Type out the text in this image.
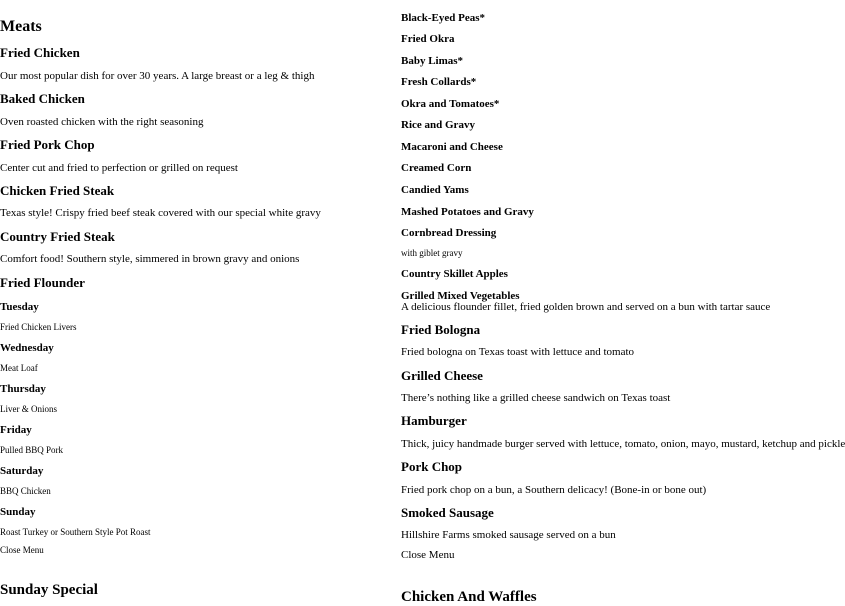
Meats
Fried Chicken
Our most popular dish for over 30 years. A large breast or a leg & thigh
Baked Chicken
Oven roasted chicken with the right seasoning
Fried Pork Chop
Center cut and fried to perfection or grilled on request
Chicken Fried Steak
Texas style! Crispy fried beef steak covered with our special white gravy
Country Fried Steak
Comfort food! Southern style, simmered in brown gravy and onions
Fried Flounder
Tuesday
Fried Chicken Livers
Wednesday
Meat Loaf
Thursday
Liver & Onions
Friday
Pulled BBQ Pork
Saturday
BBQ Chicken
Sunday
Roast Turkey or Southern Style Pot Roast
Close Menu
Sunday Special
Black-Eyed Peas*
Fried Okra
Baby Limas*
Fresh Collards*
Okra and Tomatoes*
Rice and Gravy
Macaroni and Cheese
Creamed Corn
Candied Yams
Mashed Potatoes and Gravy
Cornbread Dressing
with giblet gravy
Country Skillet Apples
Grilled Mixed Vegetables
A delicious flounder fillet, fried golden brown and served on a bun with tartar sauce
Fried Bologna
Fried bologna on Texas toast with lettuce and tomato
Grilled Cheese
There’s nothing like a grilled cheese sandwich on Texas toast
Hamburger
Thick, juicy handmade burger served with lettuce, tomato, onion, mayo, mustard, ketchup and pickle
Pork Chop
Fried pork chop on a bun, a Southern delicacy! (Bone-in or bone out)
Smoked Sausage
Hillshire Farms smoked sausage served on a bun
Close Menu
Chicken And Waffles
